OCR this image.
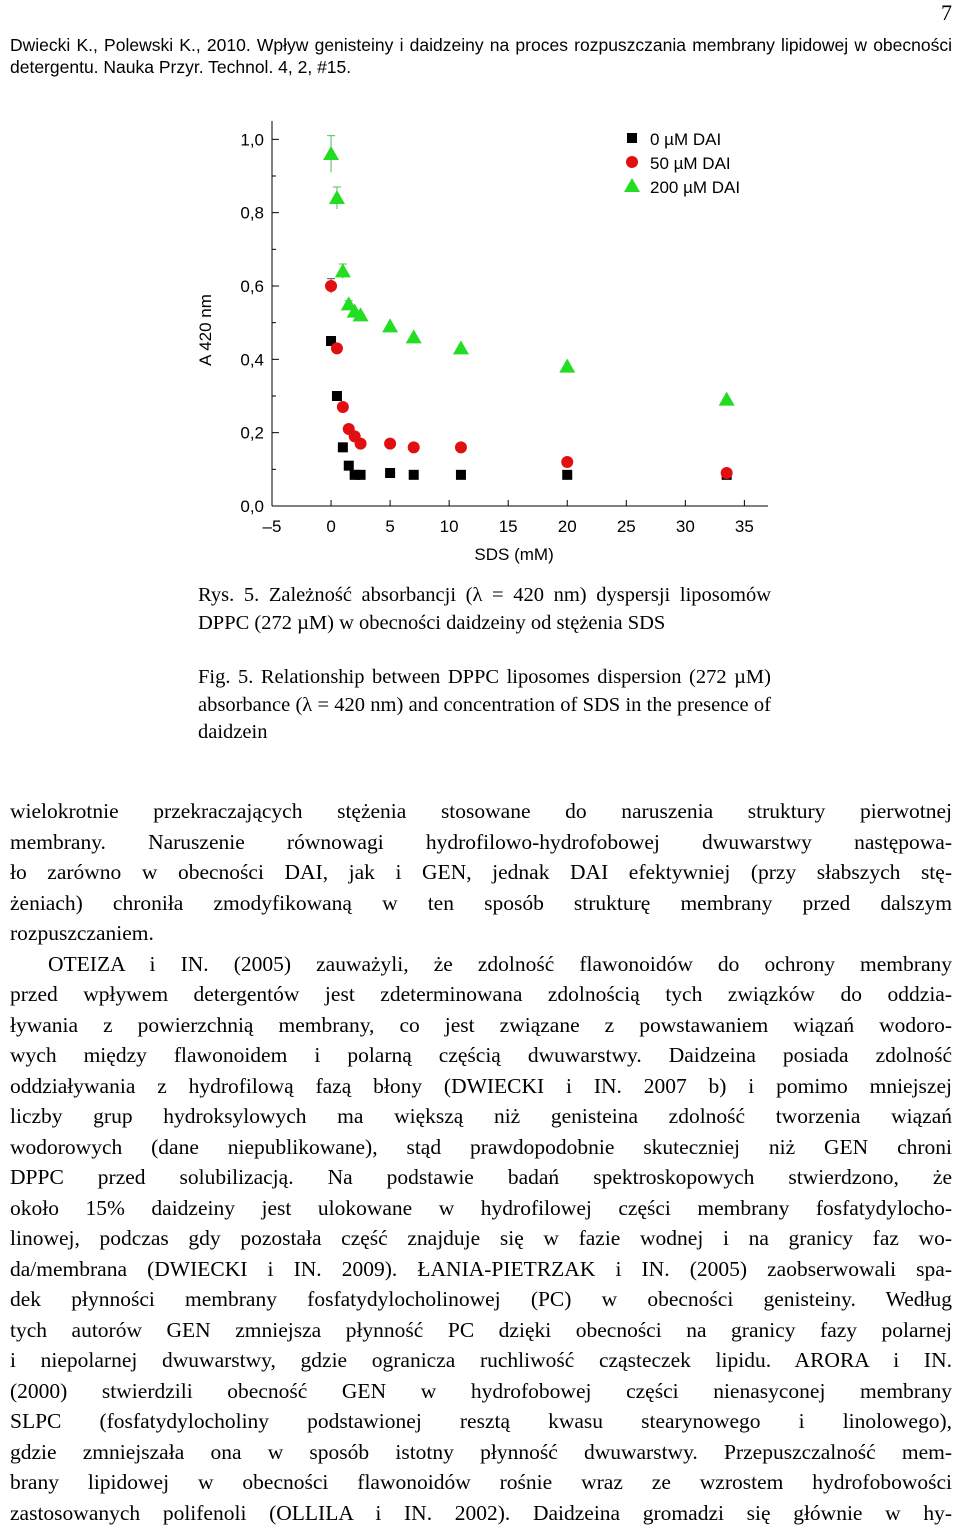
7
Dwiecki K., Polewski K., 2010. Wpływ genisteiny i daidzeiny na proces rozpuszczania membrany lipidowej w obecności detergentu. Nauka Przyr. Technol. 4, 2, #15.
0,0
0,2
0,4
0,6
0,8
1,0
–5	0	5	10 15 20 25 30 35
SDS (mM)
A 420 nm
0 µM DAI
50 µM DAI
200 µM DAI
Rys. 5. Zależność absorbancji (λ = 420 nm) dyspersji liposomów DPPC (272 µM) w obecności daidzeiny od stężenia SDS
Fig. 5. Relationship between DPPC liposomes dispersion (272 µM) absorbance (λ = 420 nm) and concentration of SDS in the presence of daidzein

wielokrotnie przekraczających stężenia stosowane do naruszenia struktury pierwotnej

membrany. Naruszenie równowagi hydrofilowo-hydrofobowej dwuwarstwy następowa-

ło zarówno w obecności DAI, jak i GEN, jednak DAI efektywniej (przy słabszych stę-

żeniach) chroniła zmodyfikowaną w ten sposób strukturę membrany przed dalszym

rozpuszczaniem.

OTEIZA i IN. (2005) zauważyli, że zdolność flawonoidów do ochrony membrany

przed wpływem detergentów jest zdeterminowana zdolnością tych związków do oddzia-

ływania z powierzchnią membrany, co jest związane z powstawaniem wiązań wodoro-

wych między flawonoidem i polarną częścią dwuwarstwy. Daidzeina posiada zdolność

oddziaływania z hydrofilową fazą błony (DWIECKI i IN. 2007 b) i pomimo mniejszej

liczby grup hydroksylowych ma większą niż genisteina zdolność tworzenia wiązań

wodorowych (dane niepublikowane), stąd prawdopodobnie skuteczniej niż GEN chroni

DPPC przed solubilizacją. Na podstawie badań spektroskopowych stwierdzono, że

około 15% daidzeiny jest ulokowane w hydrofilowej części membrany fosfatydylocho-

linowej, podczas gdy pozostała część znajduje się w fazie wodnej i na granicy faz wo-

da/membrana (DWIECKI i IN. 2009). ŁANIA-PIETRZAK i IN. (2005) zaobserwowali spa-

dek płynności membrany fosfatydylocholinowej (PC) w obecności genisteiny. Według

tych autorów GEN zmniejsza płynność PC dzięki obecności na granicy fazy polarnej

i niepolarnej dwuwarstwy, gdzie ogranicza ruchliwość cząsteczek lipidu. ARORA i IN.

(2000) stwierdzili obecność GEN w hydrofobowej części nienasyconej membrany

SLPC (fosfatydylocholiny podstawionej resztą kwasu stearynowego i linolowego),

gdzie zmniejszała ona w sposób istotny płynność dwuwarstwy. Przepuszczalność mem-

brany lipidowej w obecności flawonoidów rośnie wraz ze wzrostem hydrofobowości

zastosowanych polifenoli (OLLILA i IN. 2002). Daidzeina gromadzi się głównie w hy-
